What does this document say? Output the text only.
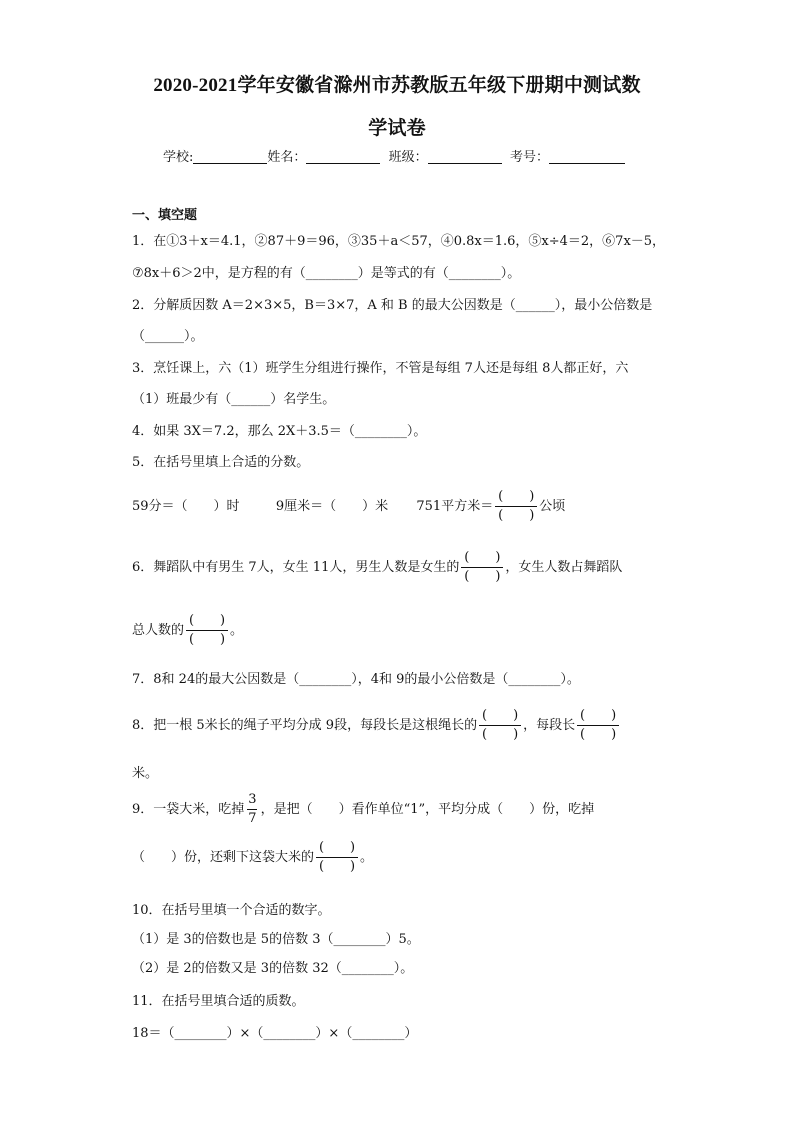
2020-2021学年安徽省滁州市苏教版五年级下册期中测试数
学试卷
学校:	姓名：	班级：	考号：
一、填空题
1．在①3＋x＝4.1，②87＋9＝96，③35＋a＜57，④0.8x＝1.6，⑤x÷4＝2，⑥7x－5，
⑦8x＋6＞2中，是方程的有（________）是等式的有（________）。
2．分解质因数 A＝2×3×5，B＝3×7，A 和 B 的最大公因数是（______），最小公倍数是
（______）。
3．烹饪课上，六（1）班学生分组进行操作，不管是每组 7人还是每组 8人都正好，六
（1）班最少有（______）名学生。
4．如果 3X＝7.2，那么 2X＋3.5＝（________）。
5．在括号里填上合适的分数。
59分＝（　　）时	9厘米＝（　　）米 751平方米＝ $\frac{( )}{( )}$ 公顷
6．舞蹈队中有男生 7人，女生 11人，男生人数是女生的 $\frac{( )}{( )}$ ，女生人数占舞蹈队
总人数的 $\frac{( )}{( )}$ 。
7．8和 24的最大公因数是（________），4和 9的最小公倍数是（________）。
8．把一根 5米长的绳子平均分成 9段，每段长是这根绳长的 $\frac{( )}{( )}$ ，每段长 $\frac{( )}{( )}$
米。
9．一袋大米，吃掉 $\frac{3}{7}$ ，是把（　　）看作单位“1”，平均分成（　　）份，吃掉
（　　）份，还剩下这袋大米的 $\frac{( )}{( )}$ 。
10．在括号里填一个合适的数字。
（1）是 3的倍数也是 5的倍数 3（________）5。
（2）是 2的倍数又是 3的倍数 32（________）。
11．在括号里填合适的质数。
18＝（________）×（________）×（________）
